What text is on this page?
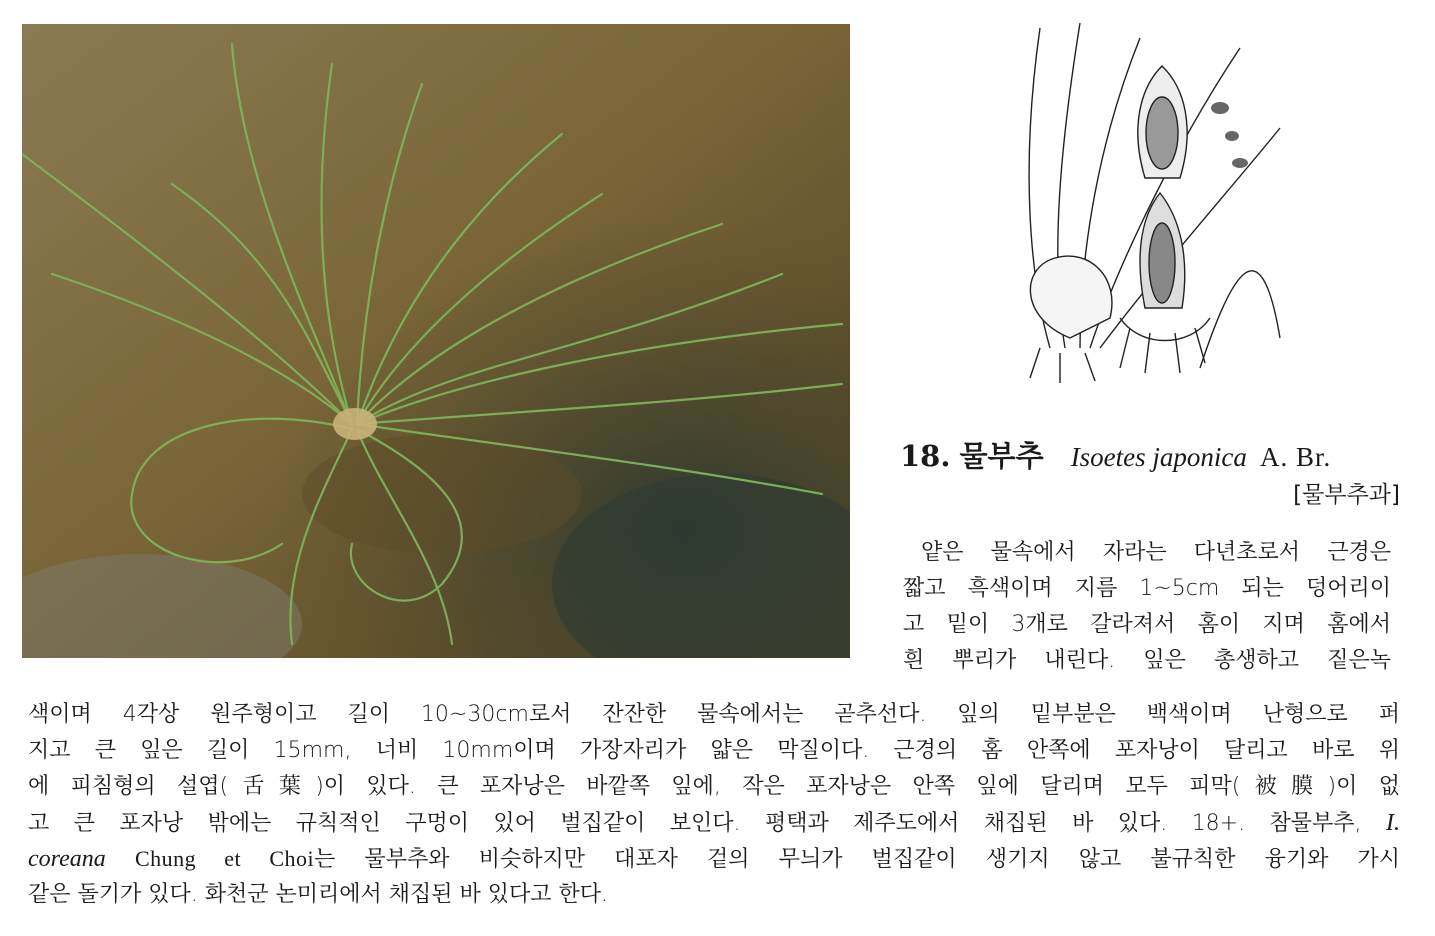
18. 물부추 Isoetes japonica A. Br.
[물부추과]

얕은 물속에서 자라는 다년초로서 근경은

짧고 흑색이며 지름 1~5cm 되는 덩어리이

고 밑이 3개로 갈라져서 홈이 지며 홈에서

흰 뿌리가 내린다. 잎은 총생하고 짙은녹

색이며 4각상 원주형이고 길이 10~30cm로서 잔잔한 물속에서는 곧추선다. 잎의 밑부분은 백색이며 난형으로 퍼

지고 큰 잎은 길이 15mm, 너비 10mm이며 가장자리가 얇은 막질이다. 근경의 홈 안쪽에 포자낭이 달리고 바로 위

에 피침형의 설엽(舌葉)이 있다. 큰 포자낭은 바깥쪽 잎에, 작은 포자낭은 안쪽 잎에 달리며 모두 피막(被膜)이 없

고 큰 포자낭 밖에는 규칙적인 구멍이 있어 벌집같이 보인다. 평택과 제주도에서 채집된 바 있다. 18+. 참물부추, I.

coreana Chung et Choi는 물부추와 비슷하지만 대포자 겉의 무늬가 벌집같이 생기지 않고 불규칙한 융기와 가시

같은 돌기가 있다. 화천군 논미리에서 채집된 바 있다고 한다.
